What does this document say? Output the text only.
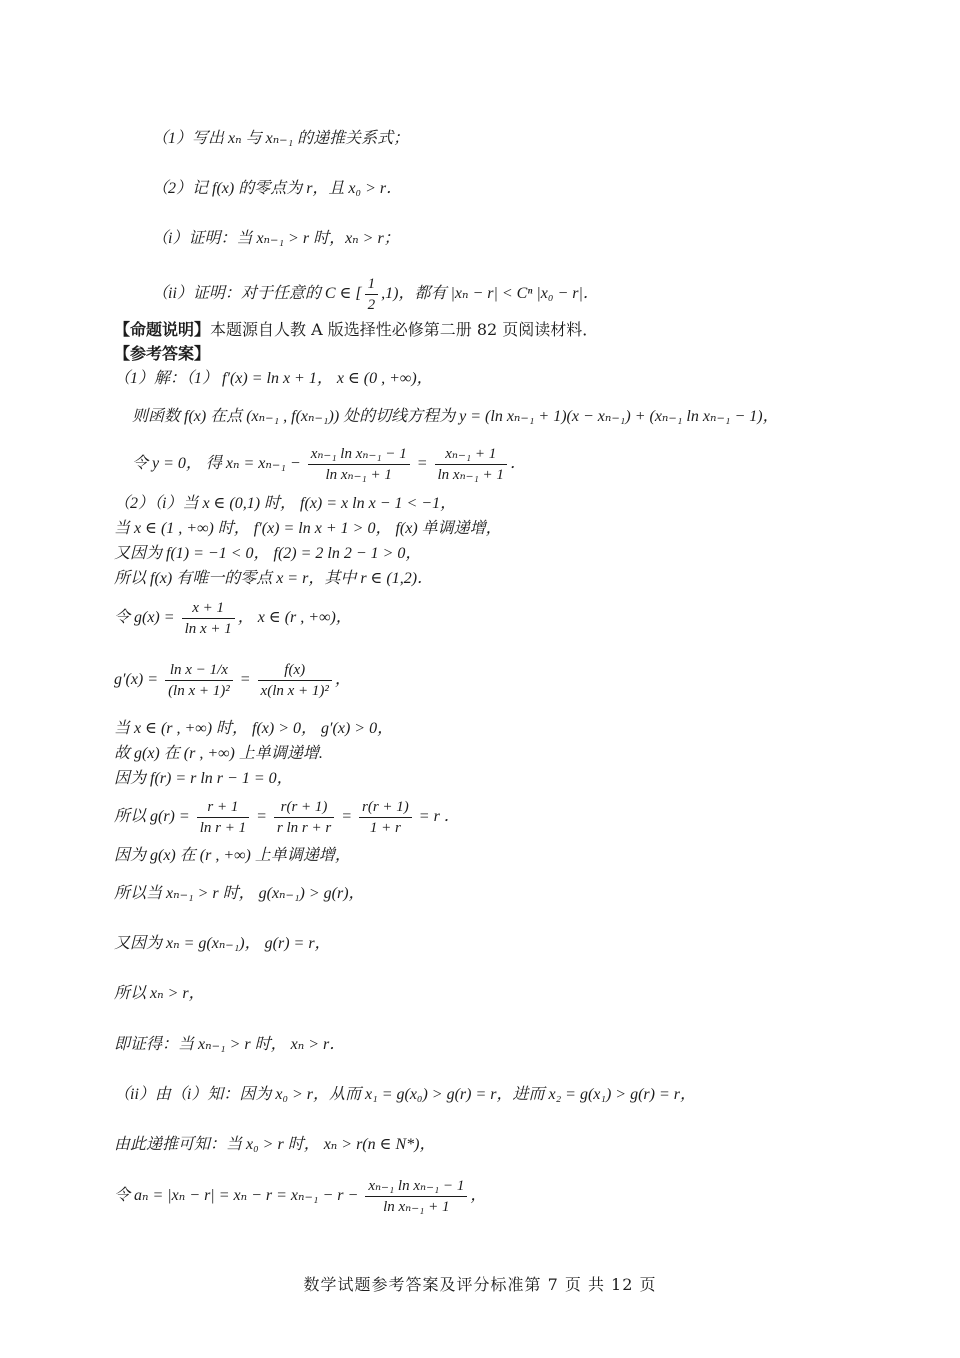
（1）写出 xₙ 与 xₙ₋₁ 的递推关系式；
（2）记 f(x) 的零点为 r，且 x₀ > r．
（i）证明：当 xₙ₋₁ > r 时，xₙ > r；
（ii）证明：对于任意的 C ∈ [ $\frac{1}{2} ,1$)，都有 |xₙ − r| < Cⁿ |x₀ − r|．
【命题说明】本题源自人教 A 版选择性必修第二册 82 页阅读材料．
【参考答案】
（1）解：（1） f′(x) = ln x + 1， x ∈ (0 , +∞)，
则函数 f(x) 在点 (xₙ₋₁ , f(xₙ₋₁)) 处的切线方程为 y = (ln xₙ₋₁ + 1)(x − xₙ₋₁) + (xₙ₋₁ ln xₙ₋₁ − 1)，
令 y = 0， 得 $x_n = x_{n-1} - \frac{\text{xₙ₋₁ ln xₙ₋₁ − 1}}{\text{ln xₙ₋₁ + 1}} = \frac{\text{xₙ₋₁ + 1}}{\text{ln xₙ₋₁ + 1}}$ ．
（2）（i）当 x ∈ (0,1) 时， f(x) = x ln x − 1 < −1，
当 x ∈ (1 , +∞) 时， f′(x) = ln x + 1 > 0， f(x) 单调递增，
又因为 f(1) = −1 < 0， f(2) = 2 ln 2 − 1 > 0，
所以 f(x) 有唯一的零点 x = r，其中 r ∈ (1,2)．
令 $g(x) = \frac{x + 1}{\text{ln x + 1}}$ ， x ∈ (r , +∞)，
$g'(x) = \frac{\text{ln x − 1/x}}{\text{(ln x + 1)²}} = \frac{f(x)}{\text{x(ln x + 1)²}}$ ，
当 x ∈ (r , +∞) 时， f(x) > 0， g′(x) > 0，
故 g(x) 在 (r , +∞) 上单调递增.
因为 f(r) = r ln r − 1 = 0，
所以 $g(r) = \frac{r + 1}{\text{ln r + 1}} = \frac{r(r + 1)}{\text{r ln r + r}} = \frac{r(r + 1)}{1 + r} = r$ ．
因为 g(x) 在 (r , +∞) 上单调递增，
所以当 xₙ₋₁ > r 时， g(xₙ₋₁) > g(r)，
又因为 xₙ = g(xₙ₋₁)， g(r) = r，
所以 xₙ > r，
即证得：当 xₙ₋₁ > r 时， xₙ > r．
（ii）由（i）知：因为 x₀ > r，从而 x₁ = g(x₀) > g(r) = r，进而 x₂ = g(x₁) > g(r) = r，
由此递推可知：当 x₀ > r 时， xₙ > r(n ∈ N*)，
令 $a_n = |x_n - r| = x_n - r = x_{n-1} - r - \frac{\text{xₙ₋₁ ln xₙ₋₁ − 1}}{\text{ln xₙ₋₁ + 1}}$ ，
数学试题参考答案及评分标准第 7 页 共 12 页
